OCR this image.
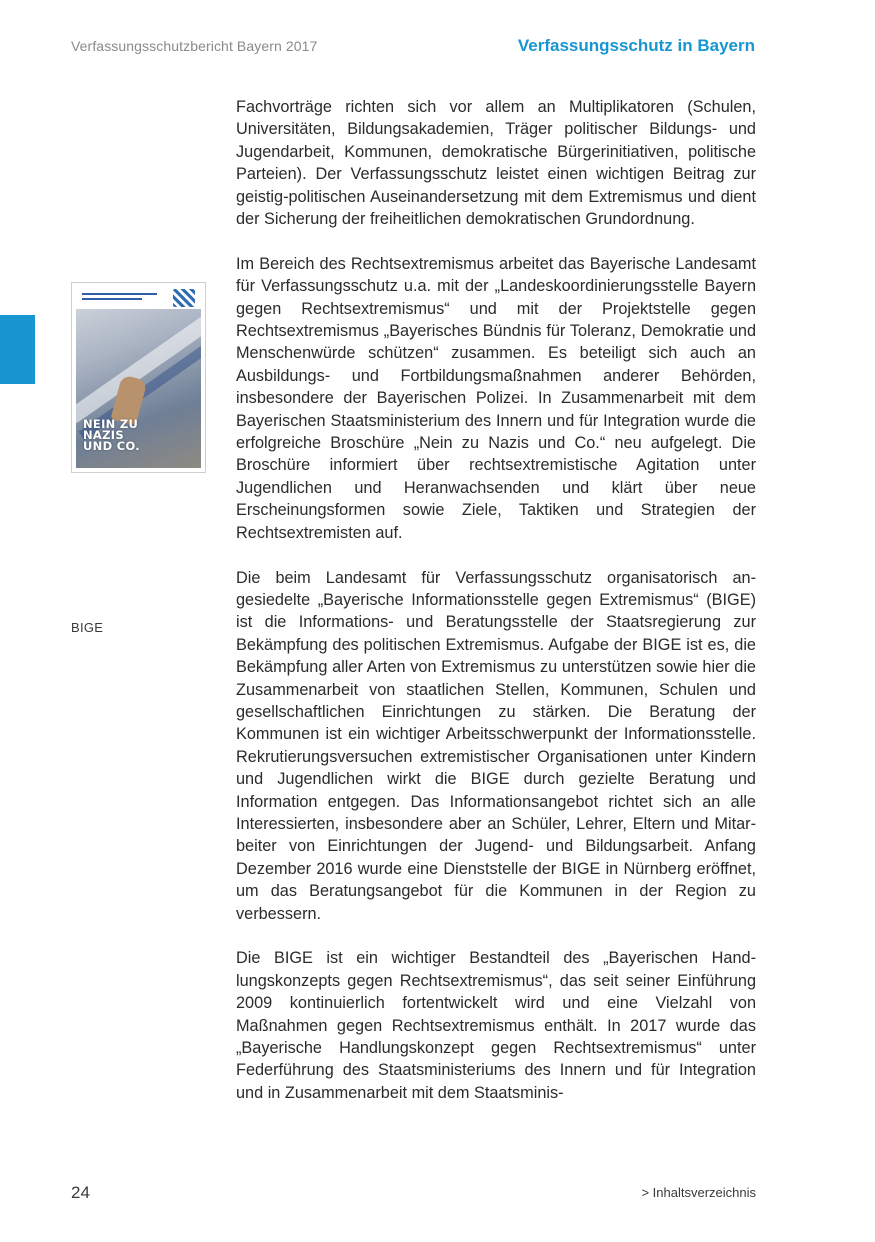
Verfassungsschutzbericht Bayern 2017	Verfassungsschutz in Bayern
NEIN ZU
NAZIS
UND CO.
BIGE

Fachvorträge richten sich vor allem an Multiplikatoren (Schulen, Universitäten, Bildungsakademien, Träger politischer Bildungs- und Jugendarbeit, Kommunen, demokratische Bürgerinitiativen, politische Parteien). Der Verfassungsschutz leistet einen wichtigen Beitrag zur geistig-politischen Auseinandersetzung mit dem Extremismus und dient der Sicherung der freiheitlichen demokratischen Grundordnung.

Im Bereich des Rechtsextremismus arbeitet das Bayerische Landesamt für Verfassungsschutz u.a. mit der „Landeskoordinierungsstelle Bayern gegen Rechtsextremismus“ und mit der Projektstelle gegen Rechtsextremismus „Bayerisches Bündnis für Toleranz, Demokratie und Menschenwürde schützen“ zusammen. Es beteiligt sich auch an Ausbildungs- und Fortbildungsmaßnahmen anderer Behörden, insbesondere der Bayerischen Polizei. In Zusammenarbeit mit dem Bayerischen Staatsministerium des Innern und für Integration wurde die erfolgreiche Broschüre „Nein zu Nazis und Co.“ neu aufgelegt. Die Broschüre informiert über rechtsextremistische Agitation unter Jugendlichen und Heranwachsenden und klärt über neue Erscheinungsformen sowie Ziele, Taktiken und Strategien der Rechtsextremisten auf.

Die beim Landesamt für Verfassungsschutz organisatorisch angesiedelte „Bayerische Informationsstelle gegen Extremismus“ (BIGE) ist die Informations- und Beratungsstelle der Staatsregierung zur Bekämpfung des politischen Extremismus. Aufgabe der BIGE ist es, die Bekämpfung aller Arten von Extremismus zu unterstützen sowie hier die Zusammenarbeit von staatlichen Stellen, Kommunen, Schulen und gesellschaftlichen Einrichtungen zu stärken. Die Beratung der Kommunen ist ein wichtiger Arbeitsschwerpunkt der Informationsstelle. Rekrutierungsversuchen extremistischer Organisationen unter Kindern und Jugendlichen wirkt die BIGE durch gezielte Beratung und Information entgegen. Das Informationsangebot richtet sich an alle Interessierten, insbesondere aber an Schüler, Lehrer, Eltern und Mitarbeiter von Einrichtungen der Jugend- und Bildungsarbeit. Anfang Dezember 2016 wurde eine Dienststelle der BIGE in Nürnberg eröffnet, um das Beratungsangebot für die Kommunen in der Region zu verbessern.

Die BIGE ist ein wichtiger Bestandteil des „Bayerischen Handlungskonzepts gegen Rechtsextremismus“, das seit seiner Einführung 2009 kontinuierlich fortentwickelt wird und eine Vielzahl von Maßnahmen gegen Rechtsextremismus enthält. In 2017 wurde das „Bayerische Handlungskonzept gegen Rechtsextremismus“ unter Federführung des Staatsministeriums des Innern und für Integration und in Zusammenarbeit mit dem Staatsminis-

24	> Inhaltsverzeichnis
